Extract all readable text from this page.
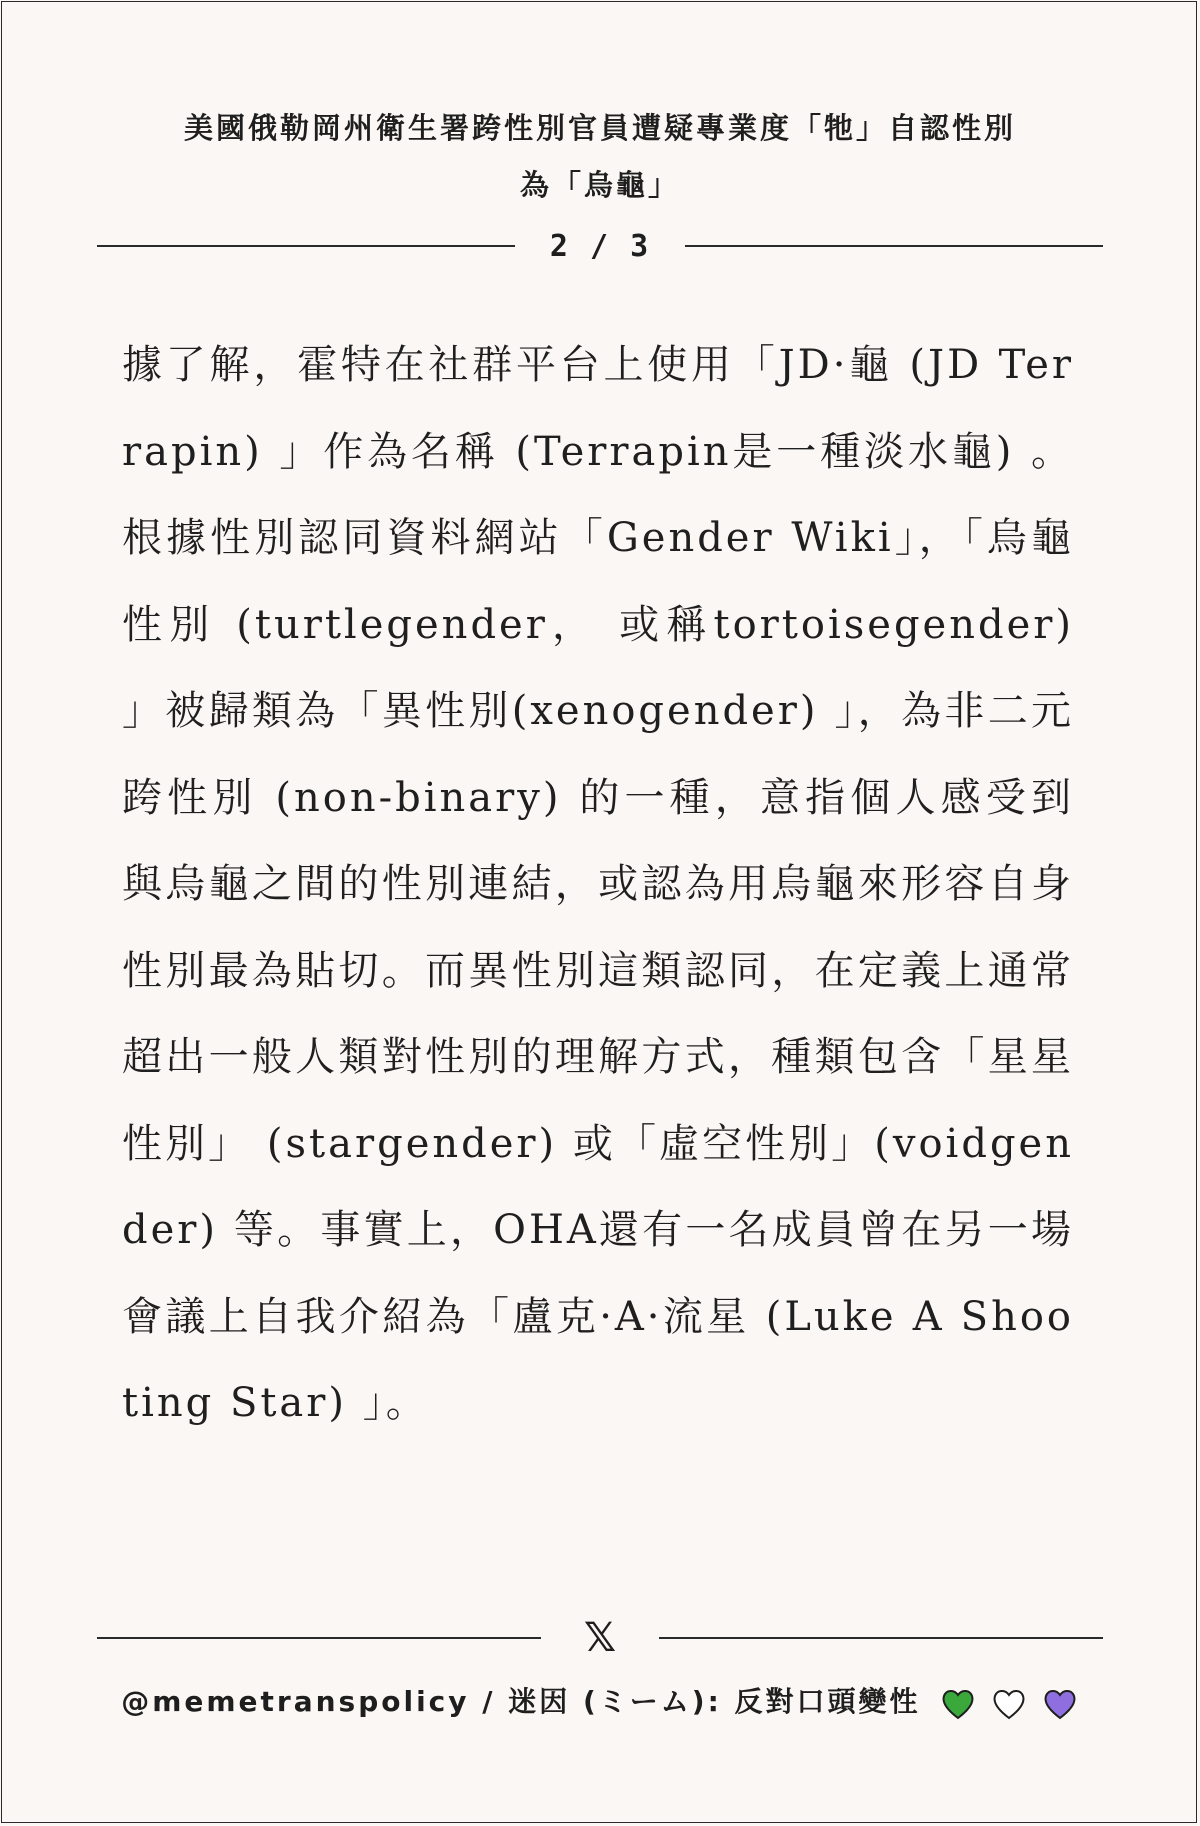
美國俄勒岡州衛生署跨性別官員遭疑專業度「牠」自認性別
為「烏龜」
2 / 3
據了解，霍特在社群平台上使用「JD·龜 (JD Terrapin) 」作為名稱 (Terrapin是一種淡水龜) 。根據性別認同資料網站「Gender Wiki」，「烏龜性別 (turtlegender， 或稱tortoisegender) 」被歸類為「異性別(xenogender) 」，為非二元跨性別 (non-binary) 的一種，意指個人感受到與烏龜之間的性別連結，或認為用烏龜來形容自身性別最為貼切。而異性別這類認同，在定義上通常超出一般人類對性別的理解方式，種類包含「星星性別」 (stargender) 或「虛空性別」(voidgender) 等。事實上，OHA還有一名成員曾在另一場會議上自我介紹為「盧克·A·流星 (Luke A Shooting Star) 」。
𝕏
@memetranspolicy / 迷因 (ミーム): 反對口頭變性
